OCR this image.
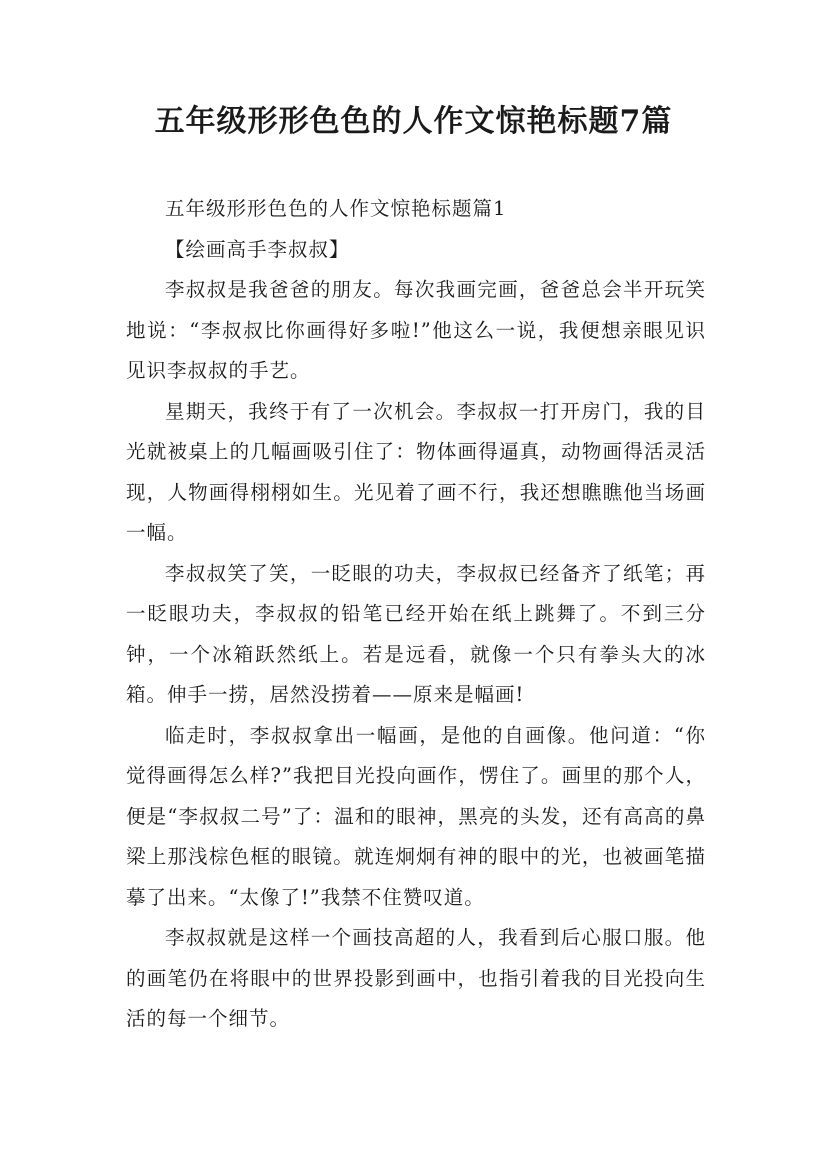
五年级形形色色的人作文惊艳标题7篇

五年级形形色色的人作文惊艳标题篇1

【绘画高手李叔叔】

李叔叔是我爸爸的朋友。每次我画完画，爸爸总会半开玩笑地说：“李叔叔比你画得好多啦!”他这么一说，我便想亲眼见识见识李叔叔的手艺。

星期天，我终于有了一次机会。李叔叔一打开房门，我的目光就被桌上的几幅画吸引住了：物体画得逼真，动物画得活灵活现，人物画得栩栩如生。光见着了画不行，我还想瞧瞧他当场画一幅。

李叔叔笑了笑，一眨眼的功夫，李叔叔已经备齐了纸笔；再一眨眼功夫，李叔叔的铅笔已经开始在纸上跳舞了。不到三分钟，一个冰箱跃然纸上。若是远看，就像一个只有拳头大的冰箱。伸手一捞，居然没捞着——原来是幅画!

临走时，李叔叔拿出一幅画，是他的自画像。他问道：“你觉得画得怎么样?”我把目光投向画作，愣住了。画里的那个人，便是“李叔叔二号”了：温和的眼神，黑亮的头发，还有高高的鼻梁上那浅棕色框的眼镜。就连炯炯有神的眼中的光，也被画笔描摹了出来。“太像了!”我禁不住赞叹道。

李叔叔就是这样一个画技高超的人，我看到后心服口服。他的画笔仍在将眼中的世界投影到画中，也指引着我的目光投向生活的每一个细节。
